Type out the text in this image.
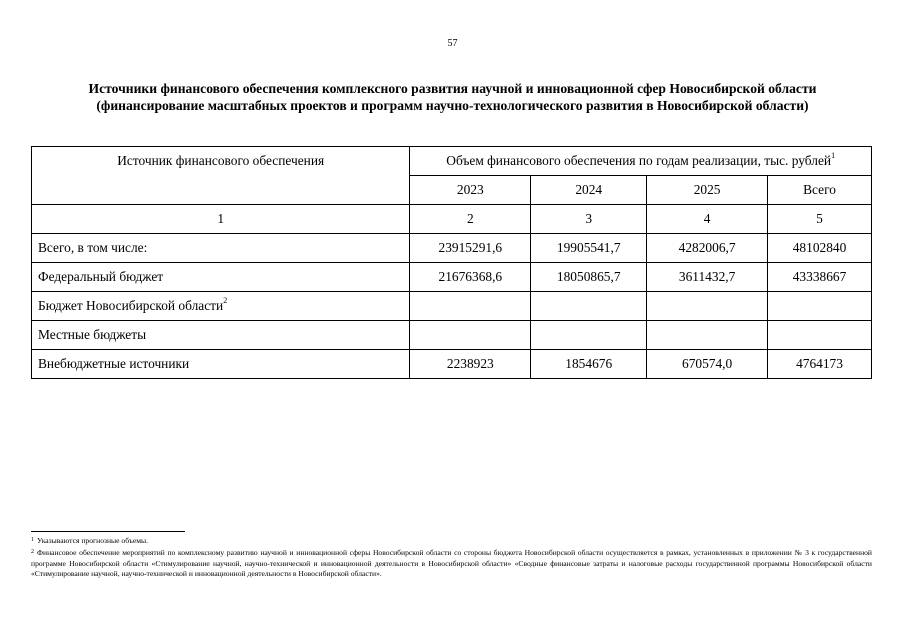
57
Источники финансового обеспечения комплексного развития научной и инновационной сфер Новосибирской области
(финансирование масштабных проектов и программ научно-технологического развития в Новосибирской области)
Источник финансового обеспечения	Объем финансового обеспечения по годам реализации, тыс. рублей$^1$
	2023	2024	2025	Всего
1	2	3	4	5
Всего, в том числе:	23915291,6	19905541,7	4282006,7	48102840
Федеральный бюджет	21676368,6	18050865,7	3611432,7	43338667
Бюджет Новосибирской области$^2$				
Местные бюджеты				
Внебюджетные источники	2238923	1854676	670574,0	4764173
$^1$ Указываются прогнозные объемы.
$^2$ Финансовое обеспечение мероприятий по комплексному развитию научной и инновационной сферы Новосибирской области со стороны бюджета Новосибирской области осуществляется в рамках, установленных в приложении № 3 к государственной программе Новосибирской области «Стимулирование научной, научно-технической и инновационной деятельности в Новосибирской области» «Сводные финансовые затраты и налоговые расходы государственной программы Новосибирской области «Стимулирование научной, научно-технической и инновационной деятельности в Новосибирской области».
